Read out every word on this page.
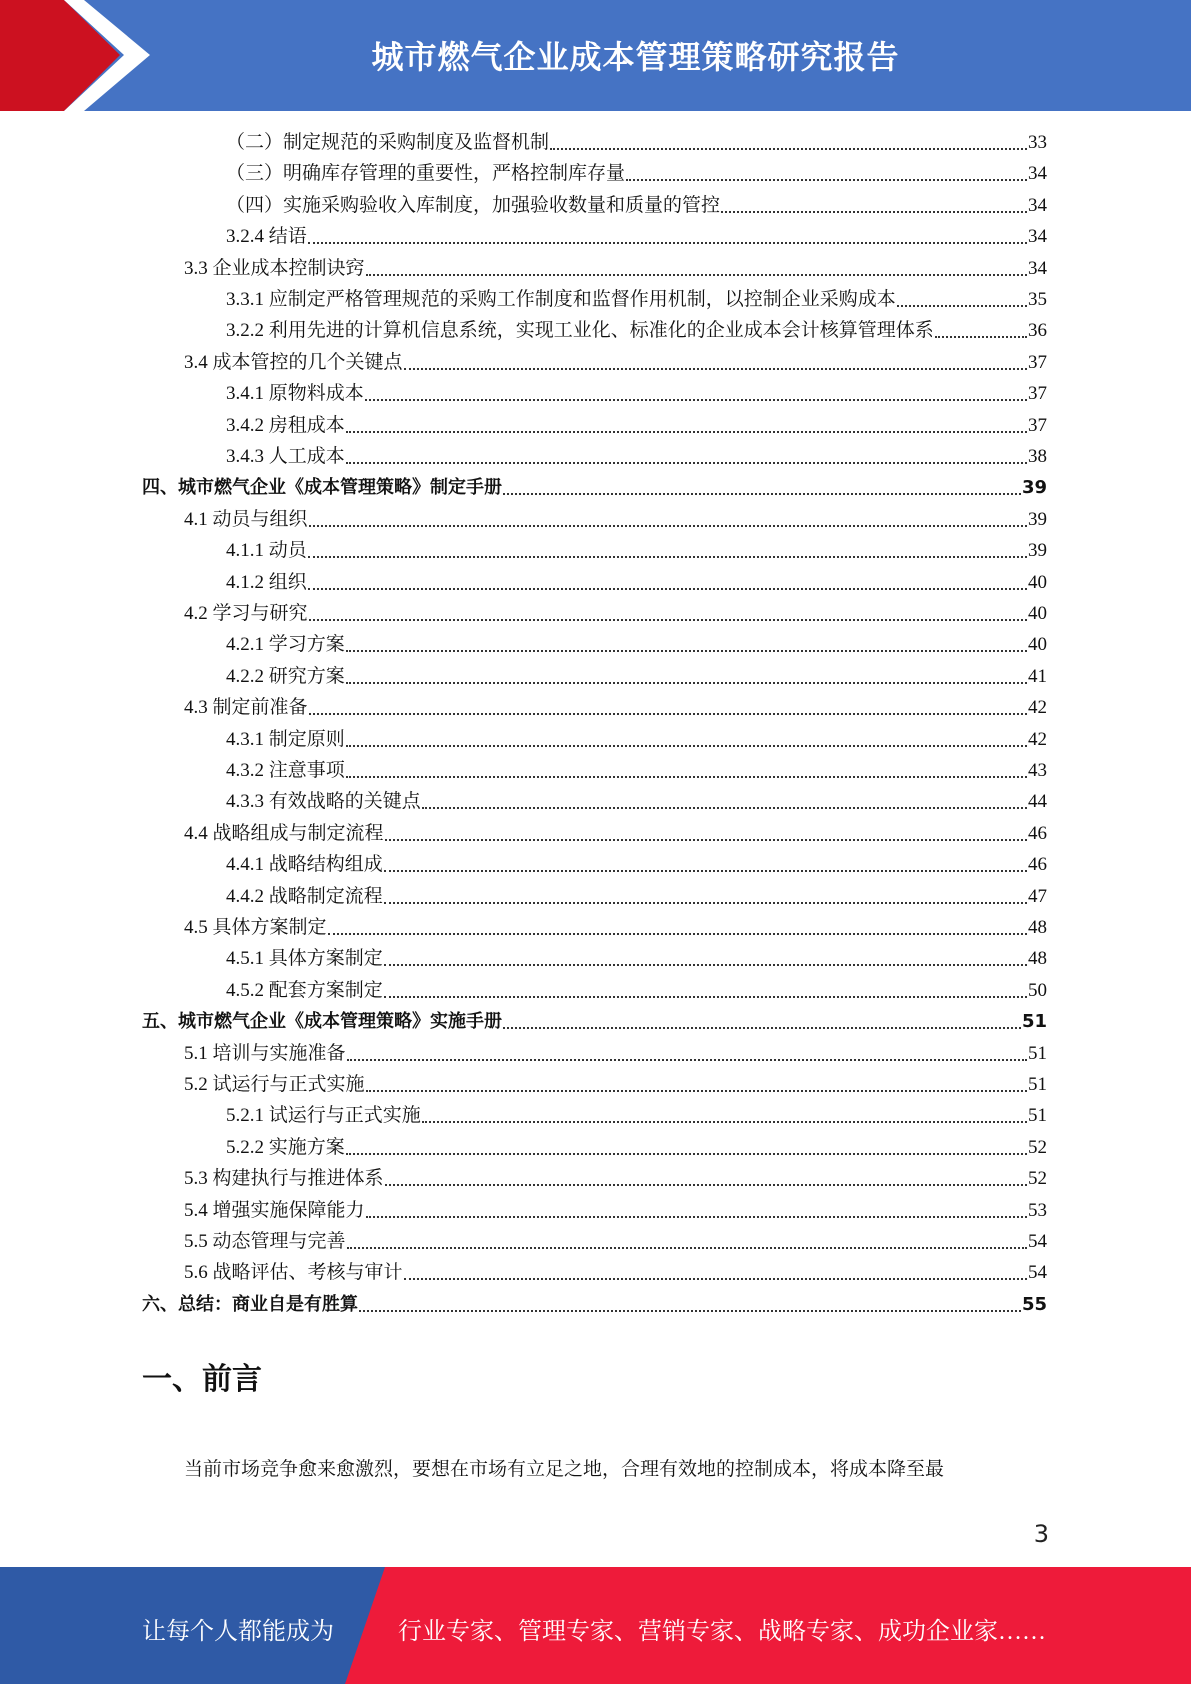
城市燃气企业成本管理策略研究报告
（二）制定规范的采购制度及监督机制	33
（三）明确库存管理的重要性，严格控制库存量	34
（四）实施采购验收入库制度，加强验收数量和质量的管控	34
3.2.4 结语	34
3.3 企业成本控制诀窍	34
3.3.1 应制定严格管理规范的采购工作制度和监督作用机制，以控制企业采购成本	35
3.2.2 利用先进的计算机信息系统，实现工业化、标准化的企业成本会计核算管理体系	36
3.4 成本管控的几个关键点	37
3.4.1 原物料成本	37
3.4.2 房租成本	37
3.4.3 人工成本	38
四、城市燃气企业《成本管理策略》制定手册	39
4.1 动员与组织	39
4.1.1 动员	39
4.1.2 组织	40
4.2 学习与研究	40
4.2.1 学习方案	40
4.2.2 研究方案	41
4.3 制定前准备	42
4.3.1 制定原则	42
4.3.2 注意事项	43
4.3.3 有效战略的关键点	44
4.4 战略组成与制定流程	46
4.4.1 战略结构组成	46
4.4.2 战略制定流程	47
4.5 具体方案制定	48
4.5.1 具体方案制定	48
4.5.2 配套方案制定	50
五、城市燃气企业《成本管理策略》实施手册	51
5.1 培训与实施准备	51
5.2 试运行与正式实施	51
5.2.1 试运行与正式实施	51
5.2.2 实施方案	52
5.3 构建执行与推进体系	52
5.4 增强实施保障能力	53
5.5 动态管理与完善	54
5.6 战略评估、考核与审计	54
六、总结：商业自是有胜算	55
一、前言
当前市场竞争愈来愈激烈，要想在市场有立足之地，合理有效地的控制成本，将成本降至最
3
让每个人都能成为	行业专家、管理专家、营销专家、战略专家、成功企业家……
